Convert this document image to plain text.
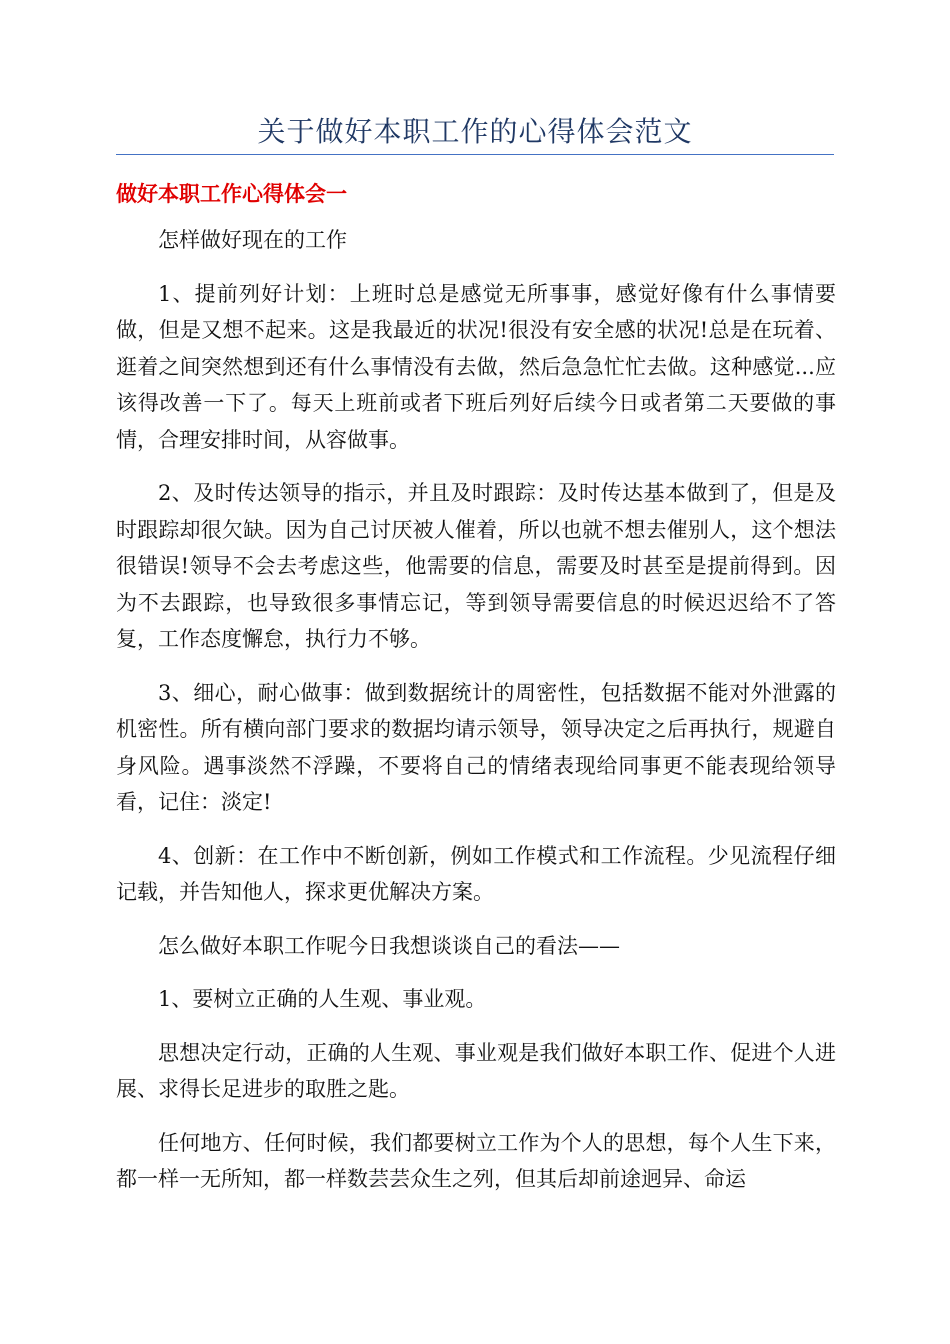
关于做好本职工作的心得体会范文
做好本职工作心得体会一

怎样做好现在的工作

1、提前列好计划：上班时总是感觉无所事事，感觉好像有什么事情要做，但是又想不起来。这是我最近的状况!很没有安全感的状况!总是在玩着、逛着之间突然想到还有什么事情没有去做，然后急急忙忙去做。这种感觉...应该得改善一下了。每天上班前或者下班后列好后续今日或者第二天要做的事情，合理安排时间，从容做事。

2、及时传达领导的指示，并且及时跟踪：及时传达基本做到了，但是及时跟踪却很欠缺。因为自己讨厌被人催着，所以也就不想去催别人，这个想法很错误!领导不会去考虑这些，他需要的信息，需要及时甚至是提前得到。因为不去跟踪，也导致很多事情忘记，等到领导需要信息的时候迟迟给不了答复，工作态度懈怠，执行力不够。

3、细心，耐心做事：做到数据统计的周密性，包括数据不能对外泄露的机密性。所有横向部门要求的数据均请示领导，领导决定之后再执行，规避自身风险。遇事淡然不浮躁，不要将自己的情绪表现给同事更不能表现给领导看，记住：淡定!

4、创新：在工作中不断创新，例如工作模式和工作流程。少见流程仔细记载，并告知他人，探求更优解决方案。

怎么做好本职工作呢今日我想谈谈自己的看法——

1、要树立正确的人生观、事业观。

思想决定行动，正确的人生观、事业观是我们做好本职工作、促进个人进展、求得长足进步的取胜之匙。

任何地方、任何时候，我们都要树立工作为个人的思想，每个人生下来，都一样一无所知，都一样数芸芸众生之列，但其后却前途迥异、命运
